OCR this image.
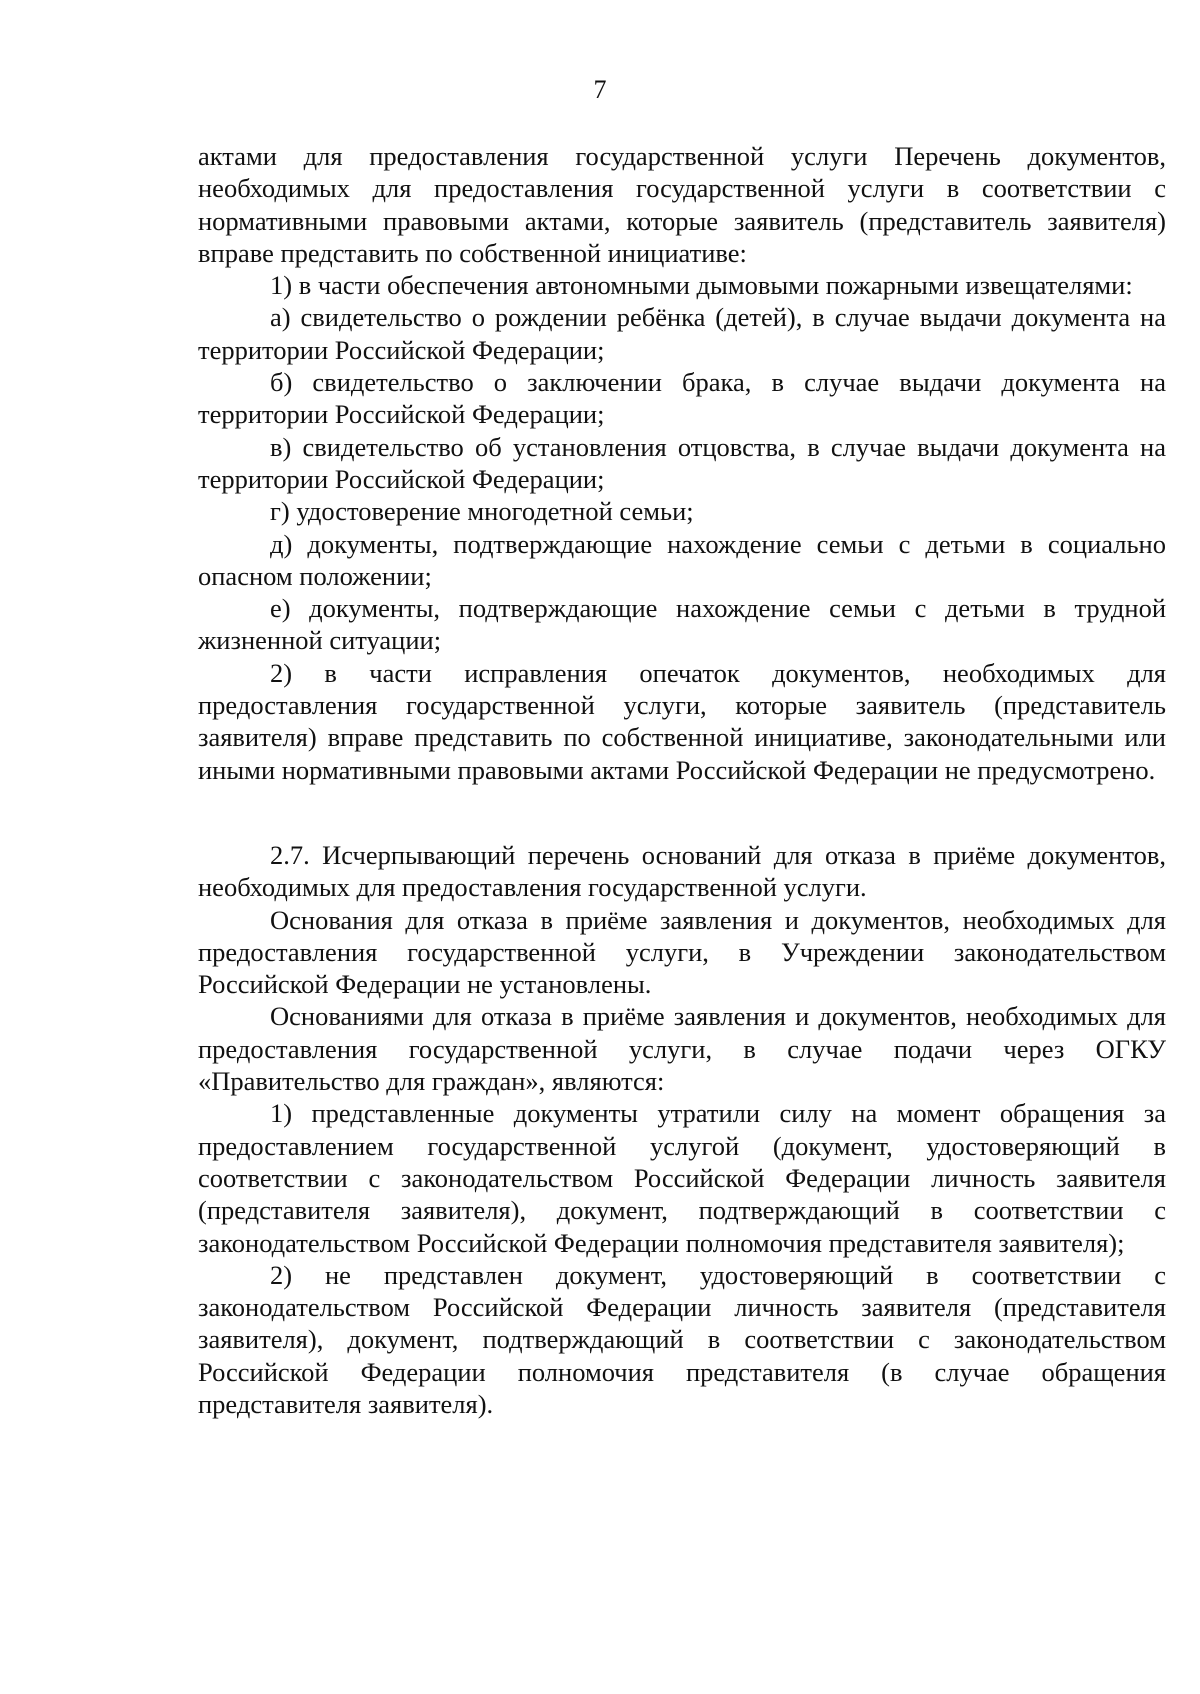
7

актами для предоставления государственной услуги Перечень документов, необходимых для предоставления государственной услуги в соответствии с нормативными правовыми актами, которые заявитель (представитель заявителя) вправе представить по собственной инициативе:

1) в части обеспечения автономными дымовыми пожарными извещателями:

а) свидетельство о рождении ребёнка (детей), в случае выдачи документа на территории Российской Федерации;

б) свидетельство о заключении брака, в случае выдачи документа на территории Российской Федерации;

в) свидетельство об установления отцовства, в случае выдачи документа на территории Российской Федерации;

г) удостоверение многодетной семьи;

д) документы, подтверждающие нахождение семьи с детьми в социально опасном положении;

е) документы, подтверждающие нахождение семьи с детьми в трудной жизненной ситуации;

2) в части исправления опечаток документов, необходимых для предоставления государственной услуги, которые заявитель (представитель заявителя) вправе представить по собственной инициативе, законодательными или иными нормативными правовыми актами Российской Федерации не предусмотрено.

2.7. Исчерпывающий перечень оснований для отказа в приёме документов, необходимых для предоставления государственной услуги.

Основания для отказа в приёме заявления и документов, необходимых для предоставления государственной услуги, в Учреждении законодательством Российской Федерации не установлены.

Основаниями для отказа в приёме заявления и документов, необходимых для предоставления государственной услуги, в случае подачи через ОГКУ «Правительство для граждан», являются:

1) представленные документы утратили силу на момент обращения за предоставлением государственной услугой (документ, удостоверяющий в соответствии с законодательством Российской Федерации личность заявителя (представителя заявителя), документ, подтверждающий в соответствии с законодательством Российской Федерации полномочия представителя заявителя);

2) не представлен документ, удостоверяющий в соответствии с законодательством Российской Федерации личность заявителя (представителя заявителя), документ, подтверждающий в соответствии с законодательством Российской Федерации полномочия представителя (в случае обращения представителя заявителя).
